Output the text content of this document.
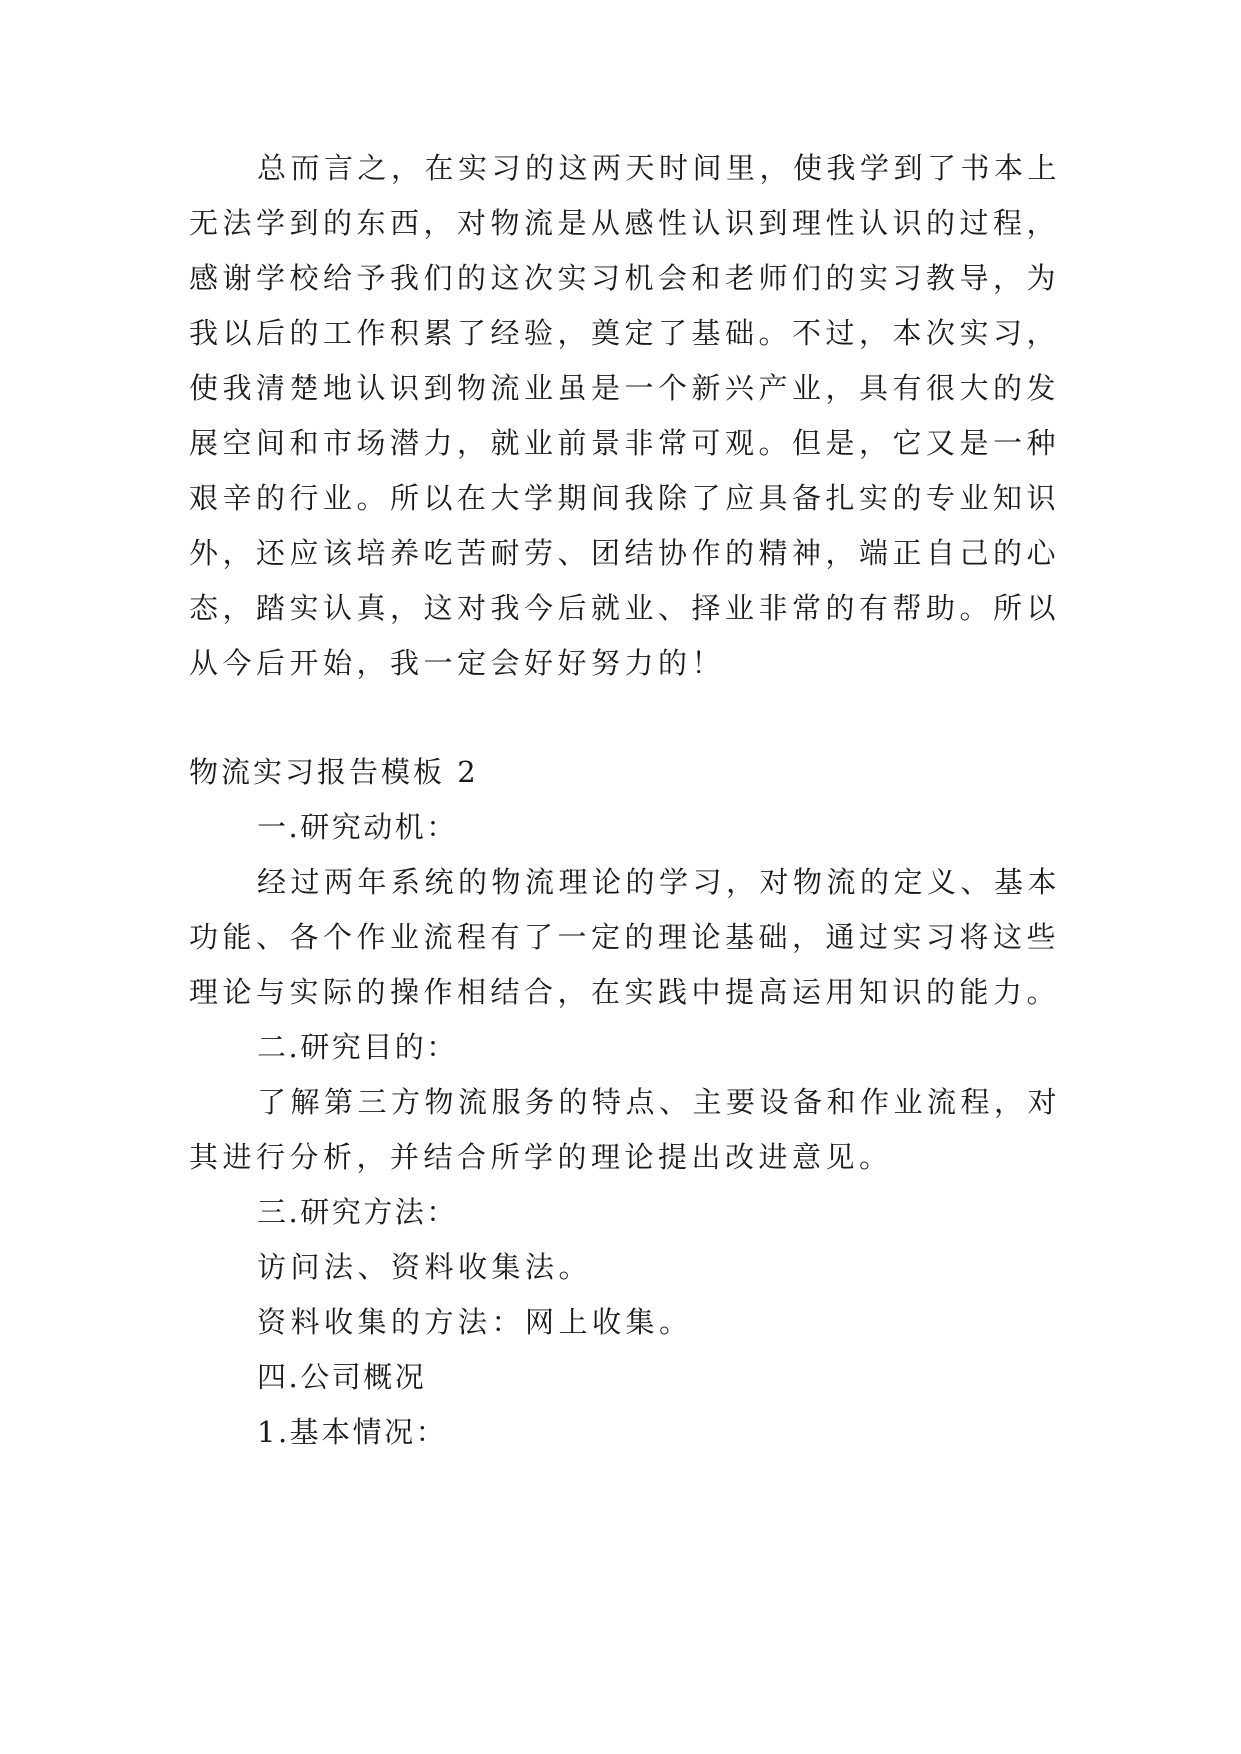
总而言之，在实习的这两天时间里，使我学到了书本上
无法学到的东西，对物流是从感性认识到理性认识的过程，
感谢学校给予我们的这次实习机会和老师们的实习教导，为
我以后的工作积累了经验，奠定了基础。不过，本次实习，
使我清楚地认识到物流业虽是一个新兴产业，具有很大的发
展空间和市场潜力，就业前景非常可观。但是，它又是一种
艰辛的行业。所以在大学期间我除了应具备扎实的专业知识
外，还应该培养吃苦耐劳、团结协作的精神，端正自己的心
态，踏实认真，这对我今后就业、择业非常的有帮助。所以
从今后开始，我一定会好好努力的！
物流实习报告模板 2
一.研究动机：
经过两年系统的物流理论的学习，对物流的定义、基本
功能、各个作业流程有了一定的理论基础，通过实习将这些
理论与实际的操作相结合，在实践中提高运用知识的能力。
二.研究目的：
了解第三方物流服务的特点、主要设备和作业流程，对
其进行分析，并结合所学的理论提出改进意见。
三.研究方法：
访问法、资料收集法。
资料收集的方法：网上收集。
四.公司概况
1.基本情况：
